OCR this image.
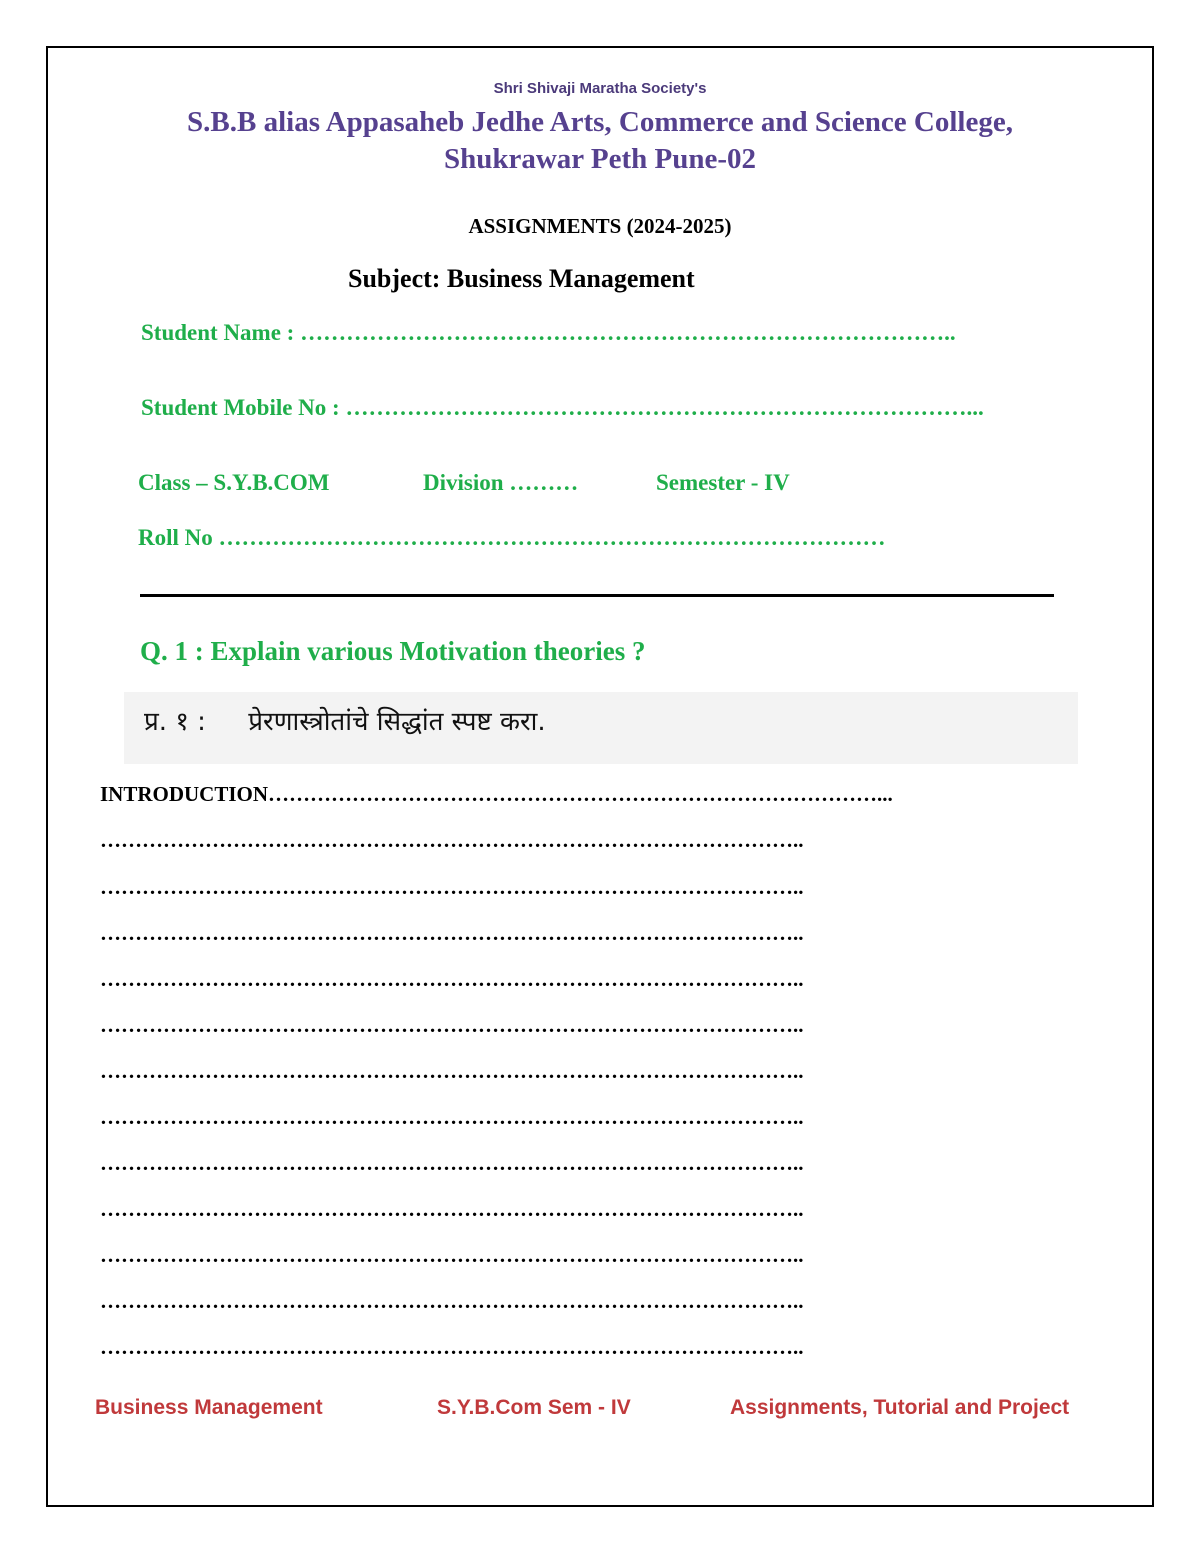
Shri Shivaji Maratha Society's
S.B.B alias Appasaheb Jedhe Arts, Commerce and Science College,
Shukrawar Peth Pune-02
ASSIGNMENTS (2024-2025)
Subject: Business Management
Student Name : …………………………………………………………………………..
Student Mobile No : ………………………………………………………………………...
Class – S.Y.B.COM	Division ………	Semester - IV
Roll No ……………………………………………………………………………
Q. 1 : Explain various Motivation theories ?
प्र. १ : प्रेरणास्त्रोतांचे सिद्धांत स्पष्ट करा.
INTRODUCTION……………………………………………………………………………...
………………………………………………………………………………………..
………………………………………………………………………………………..
………………………………………………………………………………………..
………………………………………………………………………………………..
………………………………………………………………………………………..
………………………………………………………………………………………..
………………………………………………………………………………………..
………………………………………………………………………………………..
………………………………………………………………………………………..
………………………………………………………………………………………..
………………………………………………………………………………………..
………………………………………………………………………………………..
Business Management	S.Y.B.Com Sem - IV	Assignments, Tutorial and Project
